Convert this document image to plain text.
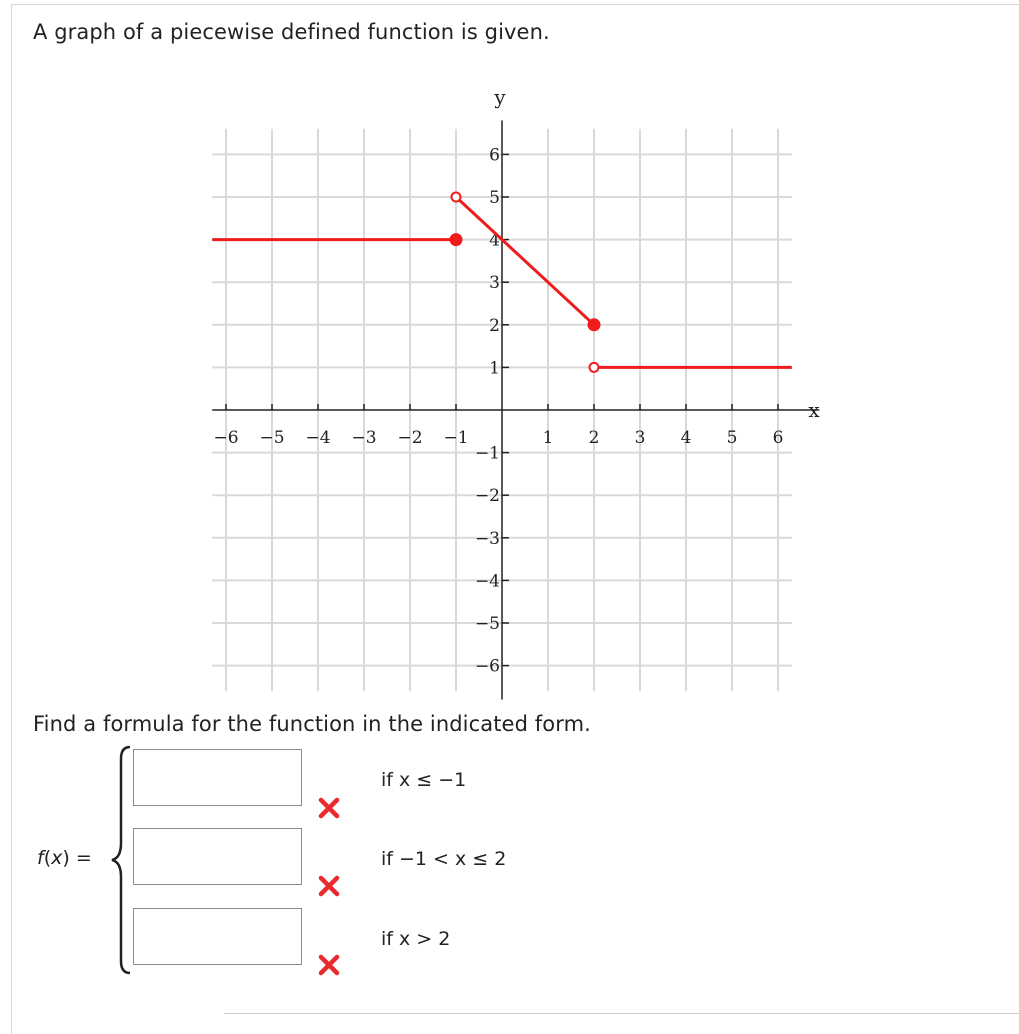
A graph of a piecewise defined function is given.
x
y
−6 −5 −4 −3 −2 −1	1 2 3 4 5 6
−6
−5
−4
−3
−2
−1
1
2
3
4
5
6
Find a formula for the function in the indicated form.
f(x) =
if x ≤ −1
if −1 < x ≤ 2
if x > 2
